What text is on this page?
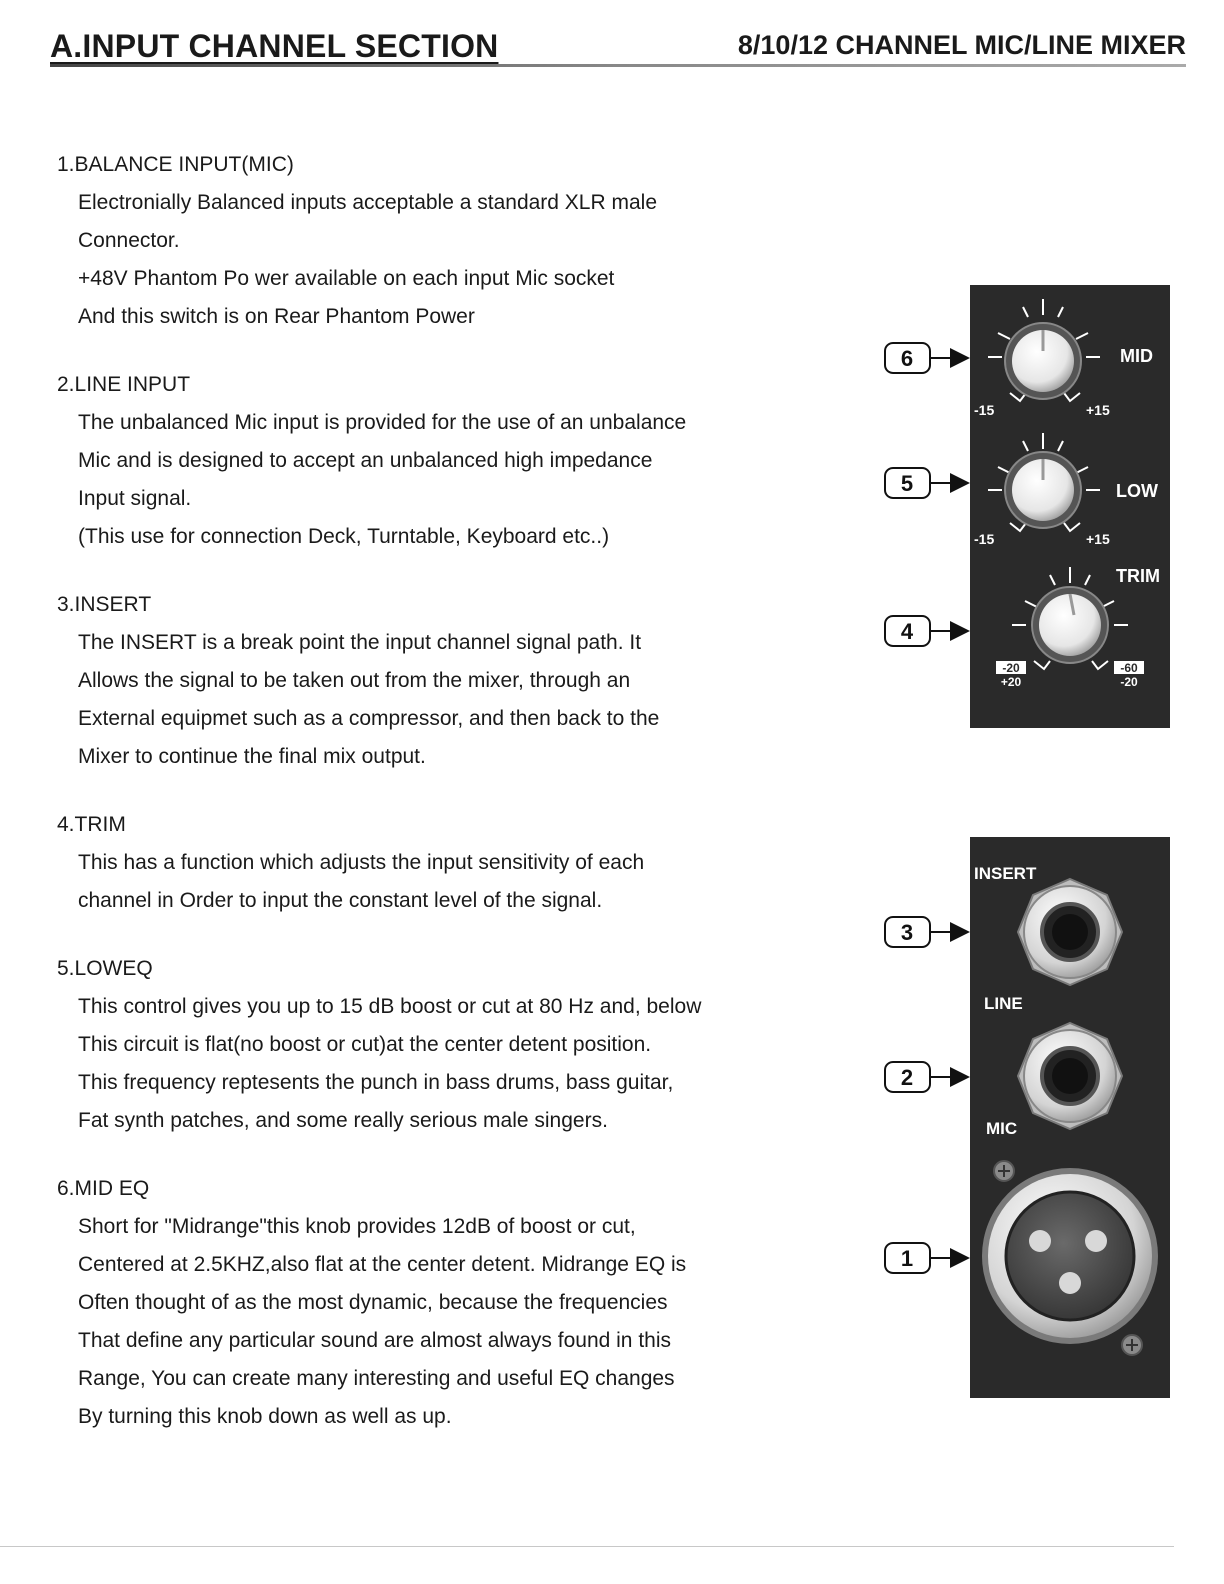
A.INPUT CHANNEL SECTION	8/10/12 CHANNEL MIC/LINE MIXER
1.BALANCE INPUT(MIC)
Electronially Balanced inputs acceptable a standard XLR male
Connector.
+48V Phantom Po wer available on each input Mic socket
And this switch is on Rear Phantom Power
2.LINE INPUT
The unbalanced Mic input is provided for the use of an unbalance
Mic and is designed to accept an unbalanced high impedance
Input signal.
(This use for connection Deck, Turntable, Keyboard etc..)
3.INSERT
The INSERT is a break point the input channel signal path. It
Allows the signal to be taken out from the mixer, through an
External equipmet such as a compressor, and then back to the
Mixer to continue the final mix output.
4.TRIM
This has a function which adjusts the input sensitivity of each
channel in Order to input the constant level of the signal.
5.LOWEQ
This control gives you up to 15 dB boost or cut at 80 Hz and, below
This circuit is flat(no boost or cut)at the center detent position.
This frequency reptesents the punch in bass drums, bass guitar,
Fat synth patches, and some really serious male singers.
6.MID EQ
Short for "Midrange"this knob provides 12dB of boost or cut,
Centered at 2.5KHZ,also flat at the center detent. Midrange EQ is
Often thought of as the most dynamic, because the frequencies
That define any particular sound are almost always found in this
Range, You can create many interesting and useful EQ changes
By turning this knob down as well as up.
6
5
4
3
2
1
MID
-15	+15
LOW
-15	+15
TRIM
-20
+20
-60
-20
INSERT
LINE
MIC
